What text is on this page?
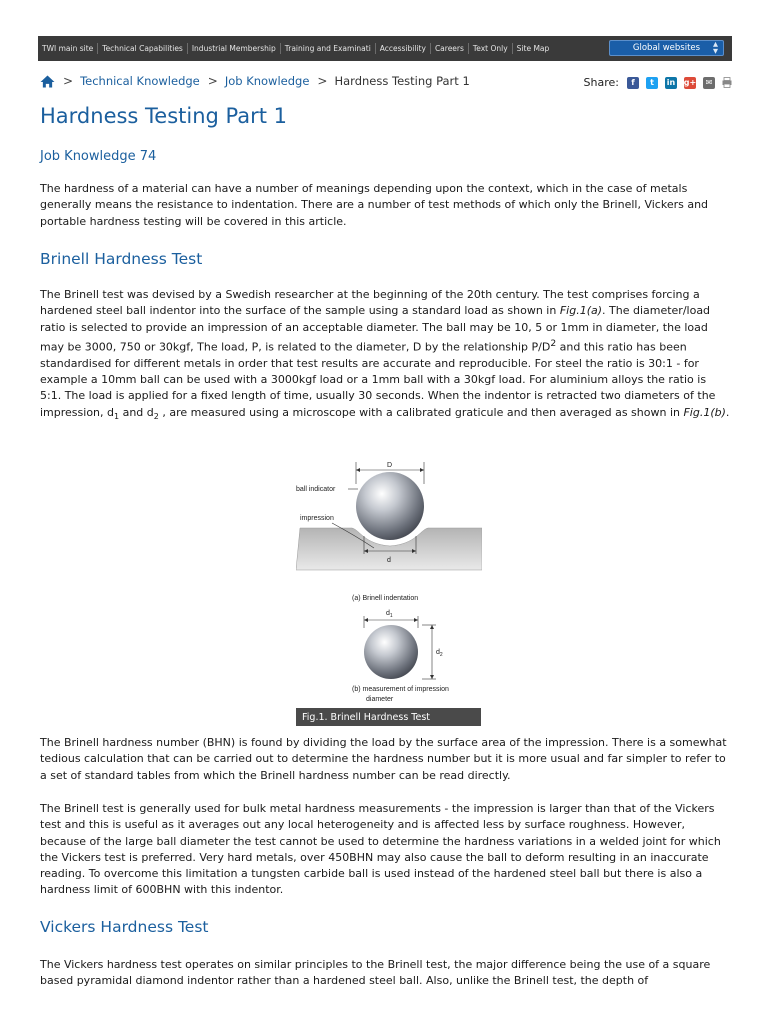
TWI main site	Technical Capabilities	Industrial Membership	Training and Examinati	Accessibility	Careers	Text Only	Site Map	Global websites ▲
▼
> Technical Knowledge > Job Knowledge > Hardness Testing Part 1	Share:	f	t	in g+	✉
Hardness Testing Part 1
Job Knowledge 74

The hardness of a material can have a number of meanings depending upon the context, which in the case of metals generally means the resistance to indentation. There are a number of test methods of which only the Brinell, Vickers and portable hardness testing will be covered in this article.

Brinell Hardness Test

The Brinell test was devised by a Swedish researcher at the beginning of the 20th century. The test comprises forcing a hardened steel ball indentor into the surface of the sample using a standard load as shown in Fig.1(a). The diameter/load ratio is selected to provide an impression of an acceptable diameter. The ball may be 10, 5 or 1mm in diameter, the load may be 3000, 750 or 30kgf, The load, P, is related to the diameter, D by the relationship $P/D^2$ and this ratio has been standardised for different metals in order that test results are accurate and reproducible. For steel the ratio is 30:1 - for example a 10mm ball can be used with a 3000kgf load or a 1mm ball with a 30kgf load. For aluminium alloys the ratio is 5:1. The load is applied for a fixed length of time, usually 30 seconds. When the indentor is retracted two diameters of the impression, $d_1$ and $d_2$ , are measured using a microscope with a calibrated graticule and then averaged as shown in Fig.1(b).

D
ball indicator
impression
d
(a) Brinell indentation
$d_1$
$d_2$
(b) measurement of impression
diameter
Fig.1. Brinell Hardness Test

The Brinell hardness number (BHN) is found by dividing the load by the surface area of the impression. There is a somewhat tedious calculation that can be carried out to determine the hardness number but it is more usual and far simpler to refer to a set of standard tables from which the Brinell hardness number can be read directly.

The Brinell test is generally used for bulk metal hardness measurements - the impression is larger than that of the Vickers test and this is useful as it averages out any local heterogeneity and is affected less by surface roughness. However, because of the large ball diameter the test cannot be used to determine the hardness variations in a welded joint for which the Vickers test is preferred. Very hard metals, over 450BHN may also cause the ball to deform resulting in an inaccurate reading. To overcome this limitation a tungsten carbide ball is used instead of the hardened steel ball but there is also a hardness limit of 600BHN with this indentor.

Vickers Hardness Test

The Vickers hardness test operates on similar principles to the Brinell test, the major difference being the use of a square based pyramidal diamond indentor rather than a hardened steel ball. Also, unlike the Brinell test, the depth of
